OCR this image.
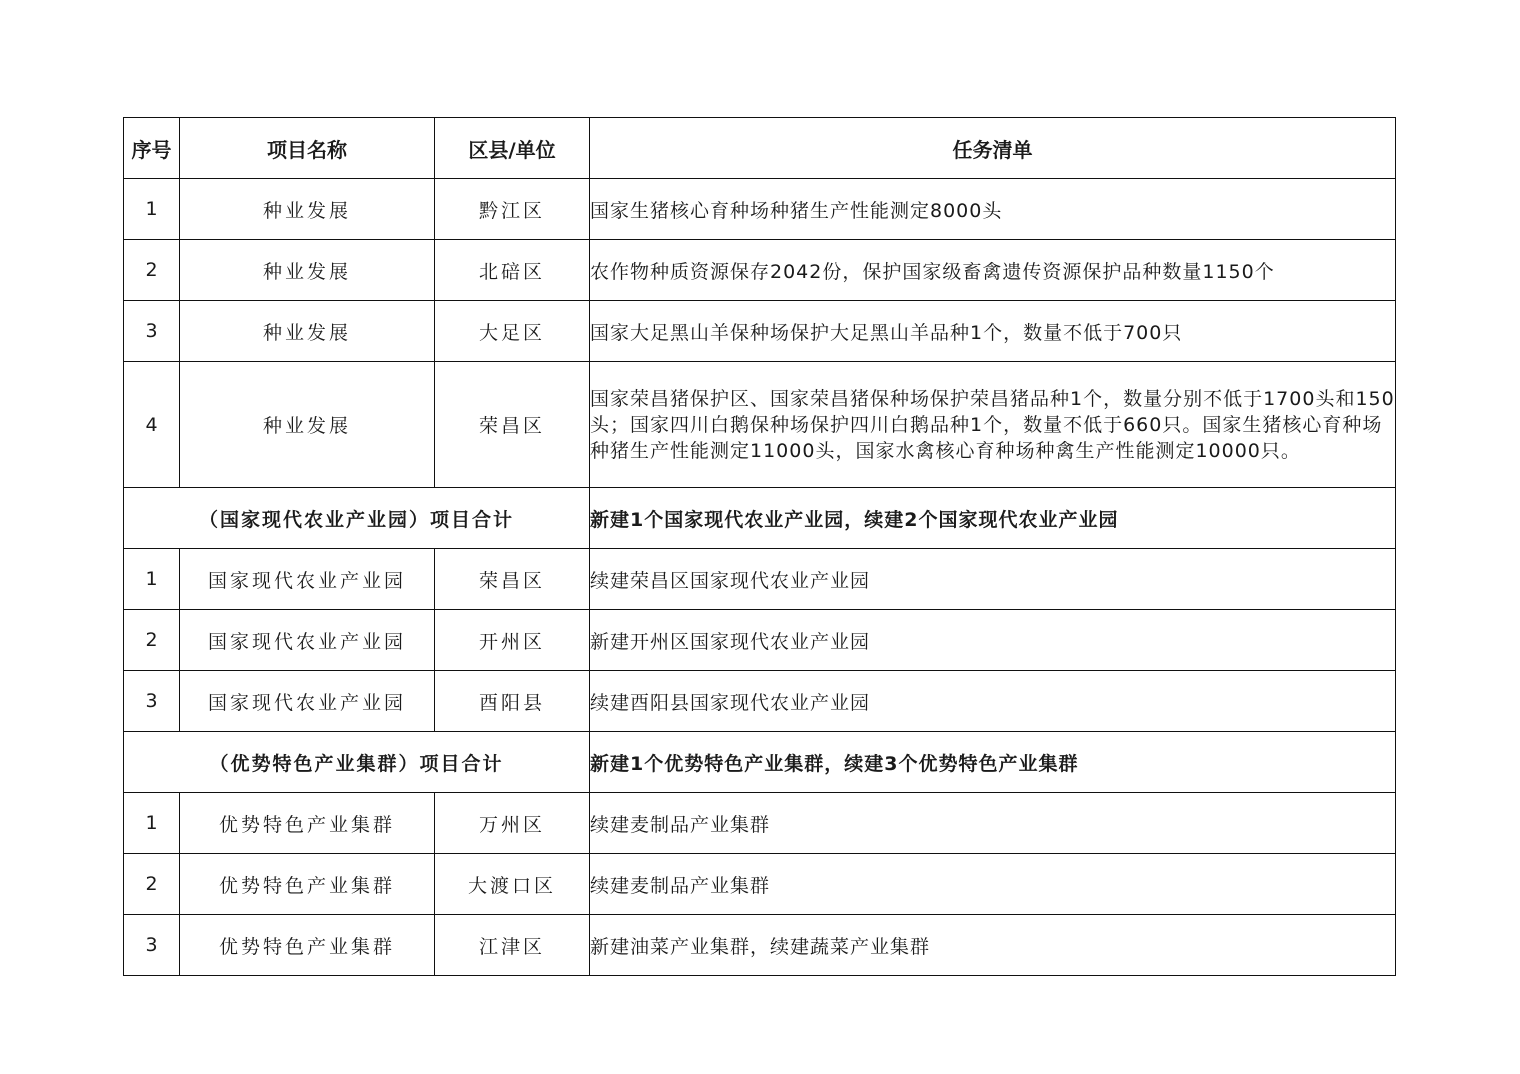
序号	项目名称	区县/单位	任务清单
1	种业发展	黔江区	国家生猪核心育种场种猪生产性能测定8000头
2	种业发展	北碚区	农作物种质资源保存2042份，保护国家级畜禽遗传资源保护品种数量1150个
3	种业发展	大足区	国家大足黑山羊保种场保护大足黑山羊品种1个，数量不低于700只
4	种业发展	荣昌区	国家荣昌猪保护区、国家荣昌猪保种场保护荣昌猪品种1个，数量分别不低于1700头和150头；国家四川白鹅保种场保护四川白鹅品种1个，数量不低于660只。国家生猪核心育种场种猪生产性能测定11000头，国家水禽核心育种场种禽生产性能测定10000只。
（国家现代农业产业园）项目合计			新建1个国家现代农业产业园，续建2个国家现代农业产业园
1	国家现代农业产业园	荣昌区	续建荣昌区国家现代农业产业园
2	国家现代农业产业园	开州区	新建开州区国家现代农业产业园
3	国家现代农业产业园	酉阳县	续建酉阳县国家现代农业产业园
（优势特色产业集群）项目合计			新建1个优势特色产业集群，续建3个优势特色产业集群
1	优势特色产业集群	万州区	续建麦制品产业集群
2	优势特色产业集群	大渡口区	续建麦制品产业集群
3	优势特色产业集群	江津区	新建油菜产业集群，续建蔬菜产业集群
